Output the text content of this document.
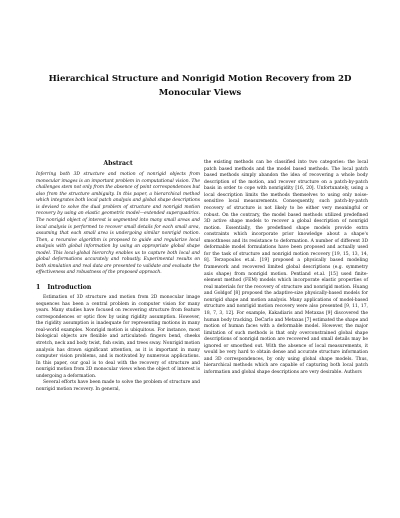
Hierarchical Structure and Nonrigid Motion Recovery from 2D Monocular Views
Abstract

Inferring both 3D structure and motion of nonrigid objects from monocular images is an important problem in computational vision. The challenges stem not only from the absence of point correspondences but also from the structure ambiguity. In this paper, a hierarchical method which integrates both local patch analysis and global shape descriptions is devised to solve the dual problem of structure and nonrigid motion recovery by using an elastic geometric model—extended superquadrics. The nonrigid object of interest is segmented into many small areas and local analysis is performed to recover small details for each small area, assuming that each small area is undergoing similar nonrigid motion. Then, a recursive algorithm is proposed to guide and regularize local analysis with global information by using an appropriate global shape model. This local-global hierarchy enables us to capture both local and global deformations accurately and robustly. Experimental results on both simulation and real data are presented to validate and evaluate the effectiveness and robustness of the proposed approach.

1 Introduction

Estimation of 3D structure and motion from 2D monocular image sequences has been a central problem in computer vision for many years. Many studies have focused on recovering structure from feature correspondences or optic flow by using rigidity assumption. However, the rigidity assumption is inadequate for representing motions in many real-world examples. Nonrigid motion is ubiquitous. For instance, most biological objects are flexible and articulated: fingers bend, cheeks stretch, neck and body twist, fish swim, and trees sway. Nonrigid motion analysis has drawn significant attention, as it is important in many computer vision problems, and is motivated by numerous applications. In this paper, our goal is to deal with the recovery of structure and nonrigid motion from 2D monocular views when the object of interest is undergoing a deformation.

Several efforts have been made to solve the problem of structure and nonrigid motion recovery. In general,

the existing methods can be classified into two categories: the local patch based methods and the model based methods. The local patch based methods simply abandon the idea of recovering a whole body description of the motion, and recover structure on a patch-by-patch basis in order to cope with nonrigidity [16, 20]. Unfortunately, using a local description limits the methods themselves to using only noise-sensitive local measurements. Consequently, such patch-by-patch recovery of structure is not likely to be either very meaningful or robust. On the contrary, the model based methods utilized predefined 3D active shape models to recover a global description of nonrigid motion. Essentially, the predefined shape models provide extra constraints which incorporate prior knowledge about a shape's smoothness and its resistance to deformation. A number of different 3D deformable model formulations have been proposed and actually used for the task of structure and nonrigid motion recovery [19, 15, 13, 14, 8]. Terzopoulos et.al. [19] proposed a physically based modeling framework and recovered limited global descriptions (e.g. symmetry axis shape) from nonrigid motion. Pentland et.al. [15] used finite-element method (FEM) models which incorporate elastic properties of real materials for the recovery of structure and nonrigid motion. Huang and Goldgof [8] proposed the adaptive-size physically-based models for nonrigid shape and motion analysis. Many applications of model-based structure and nonrigid motion recovery were also presented [9, 11, 17, 18, 7, 3, 12]. For example, Kakadiaris and Metaxas [9] discovered the human body tracking. DeCarlo and Metaxas [7] estimated the shape and motion of human faces with a deformable model. However, the major limitation of such methods is that only overconstrained global shape descriptions of nonrigid motion are recovered and small details may be ignored or smoothed out. With the absence of local measurements, it would be very hard to obtain dense and accurate structure information and 3D correspondences, by only using global shape models. Thus, hierarchical methods which are capable of capturing both local patch information and global shape descriptions are very desirable. Authors
